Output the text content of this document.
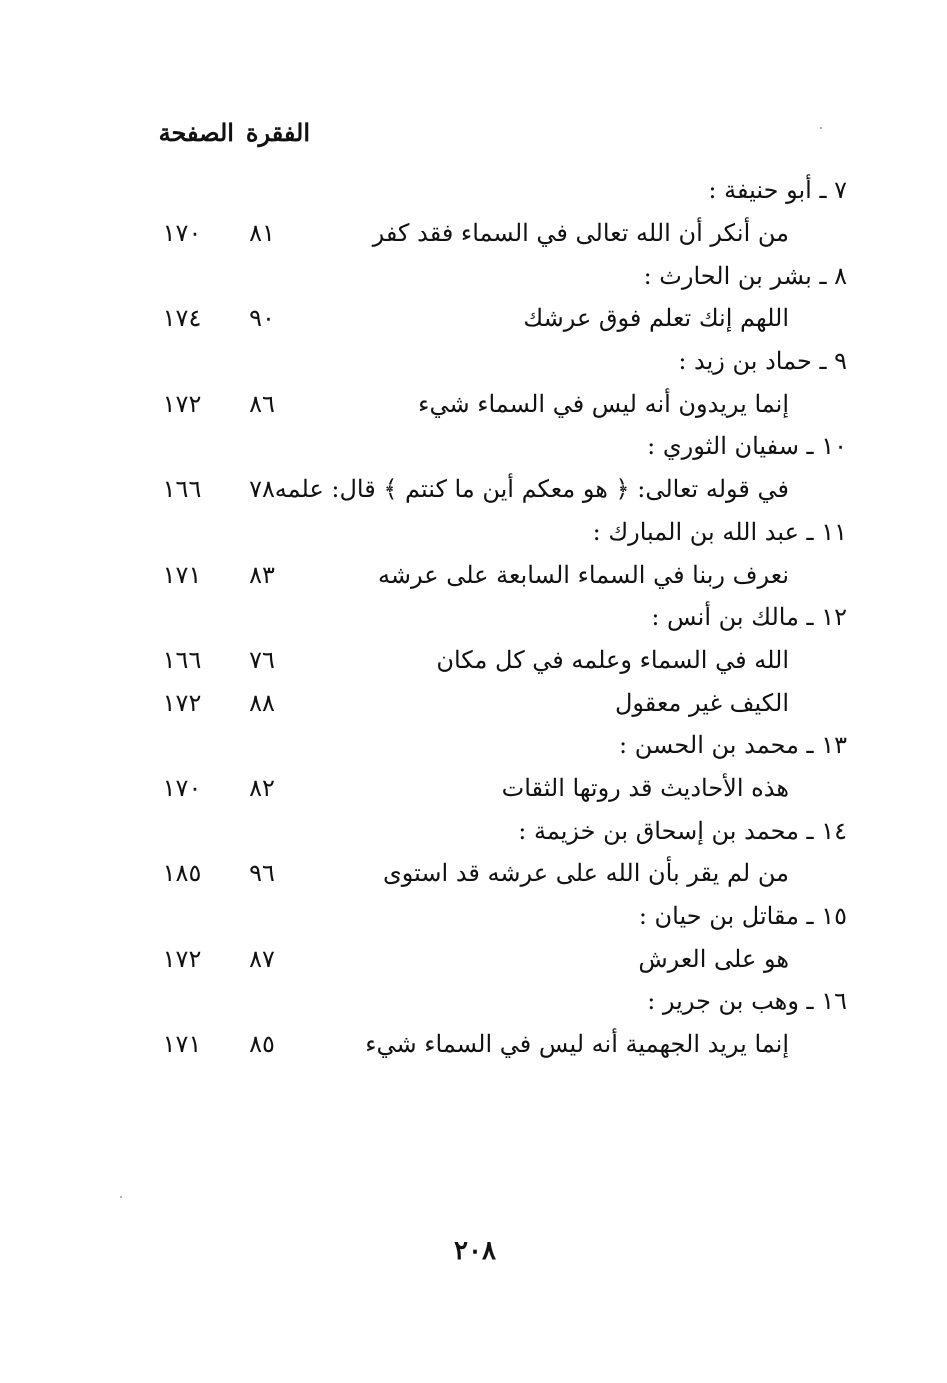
الفقرة
الصفحة
٧ ـ أبو حنيفة :
من أنكر أن الله تعالى في السماء فقد كفر
٨١
١٧٠
٨ ـ بشر بن الحارث :
اللهم إنك تعلم فوق عرشك
٩٠
١٧٤
٩ ـ حماد بن زيد :
إنما يريدون أنه ليس في السماء شيء
٨٦
١٧٢
١٠ ـ سفيان الثوري :
في قوله تعالى: ﴿ هو معكم أين ما كنتم ﴾ قال: علمه
٧٨
١٦٦
١١ ـ عبد الله بن المبارك :
نعرف ربنا في السماء السابعة على عرشه
٨٣
١٧١
١٢ ـ مالك بن أنس :
الله في السماء وعلمه في كل مكان
٧٦
١٦٦
الكيف غير معقول
٨٨
١٧٢
١٣ ـ محمد بن الحسن :
هذه الأحاديث قد روتها الثقات
٨٢
١٧٠
١٤ ـ محمد بن إسحاق بن خزيمة :
من لم يقر بأن الله على عرشه قد استوى
٩٦
١٨٥
١٥ ـ مقاتل بن حيان :
هو على العرش
٨٧
١٧٢
١٦ ـ وهب بن جرير :
إنما يريد الجهمية أنه ليس في السماء شيء
٨٥
١٧١
٢٠٨
